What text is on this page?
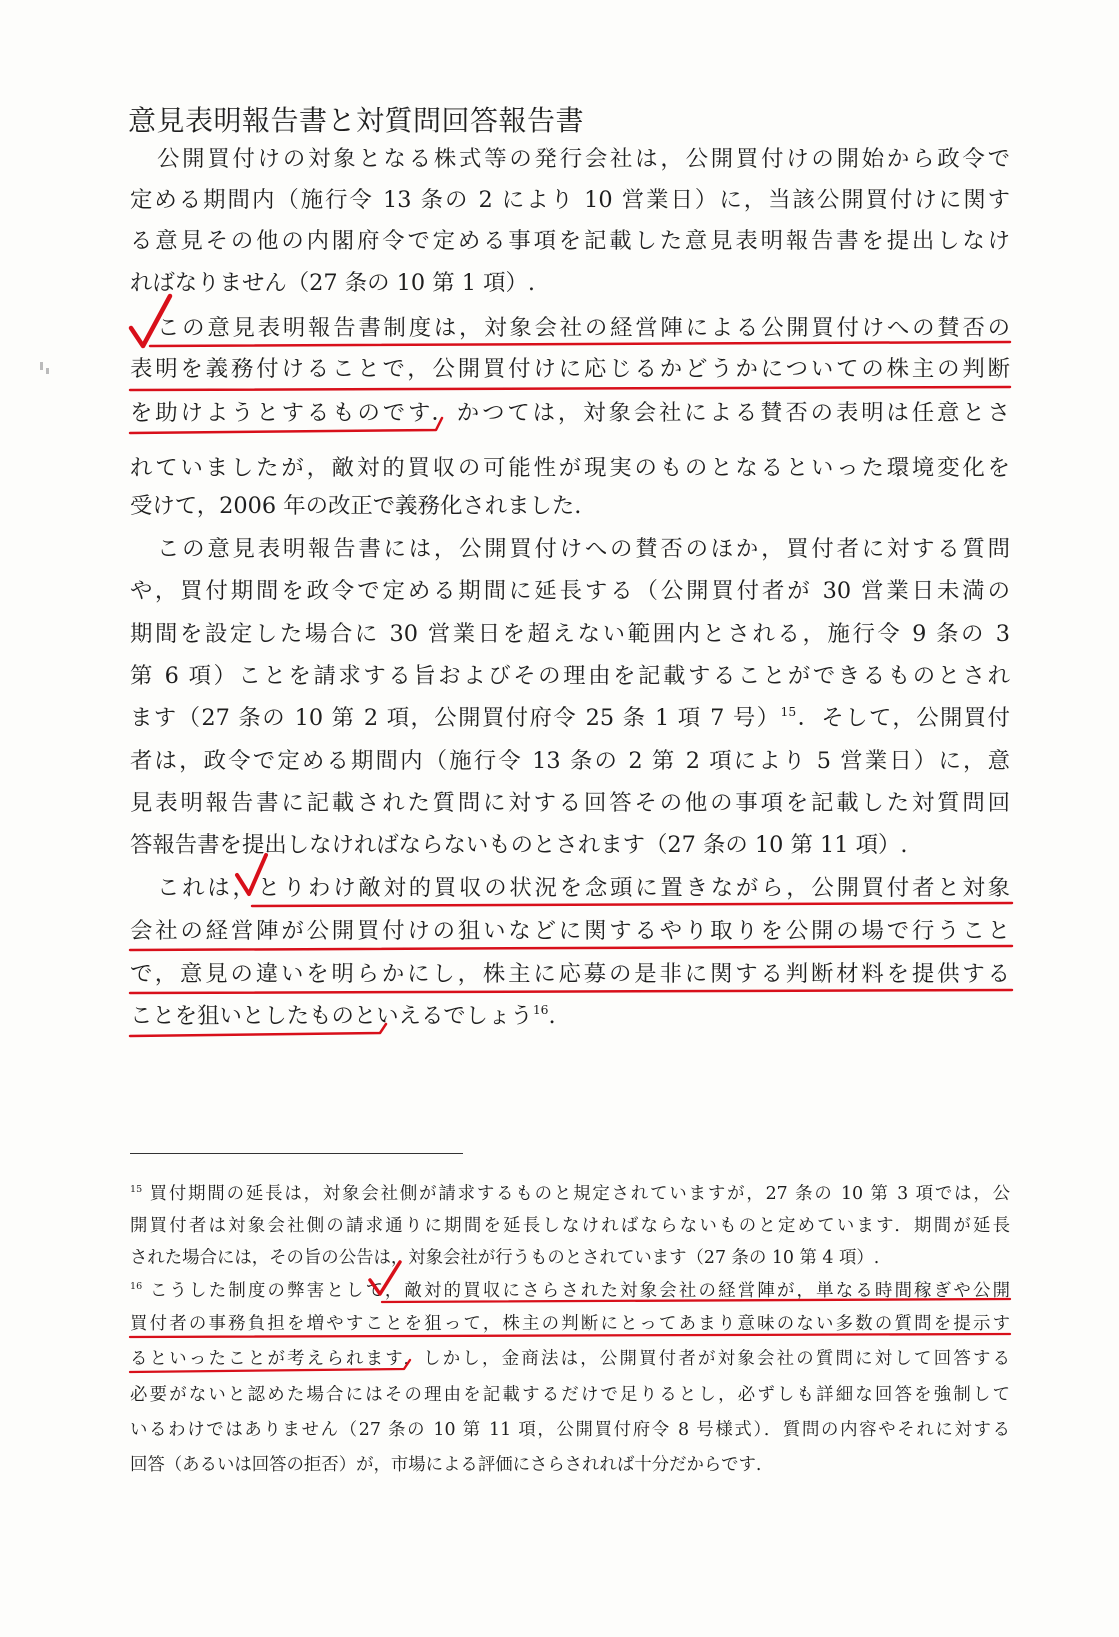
意見表明報告書と対質問回答報告書
公開買付けの対象となる株式等の発行会社は，公開買付けの開始から政令で
定める期間内（施行令 13 条の 2 により 10 営業日）に，当該公開買付けに関す
る意見その他の内閣府令で定める事項を記載した意見表明報告書を提出しなけ
ればなりません（27 条の 10 第 1 項）.
この意見表明報告書制度は，対象会社の経営陣による公開買付けへの賛否の
表明を義務付けることで，公開買付けに応じるかどうかについての株主の判断
を助けようとするものです．かつては，対象会社による賛否の表明は任意とさ
れていましたが，敵対的買収の可能性が現実のものとなるといった環境変化を
受けて，2006 年の改正で義務化されました.
この意見表明報告書には，公開買付けへの賛否のほか，買付者に対する質問
や，買付期間を政令で定める期間に延長する（公開買付者が 30 営業日未満の
期間を設定した場合に 30 営業日を超えない範囲内とされる，施行令 9 条の 3
第 6 項）ことを請求する旨およびその理由を記載することができるものとされ
ます（27 条の 10 第 2 項，公開買付府令 25 条 1 項 7 号）$^{15}$．そして，公開買付
者は，政令で定める期間内（施行令 13 条の 2 第 2 項により 5 営業日）に，意
見表明報告書に記載された質問に対する回答その他の事項を記載した対質問回
答報告書を提出しなければならないものとされます（27 条の 10 第 11 項）.
これは，とりわけ敵対的買収の状況を念頭に置きながら，公開買付者と対象
会社の経営陣が公開買付けの狙いなどに関するやり取りを公開の場で行うこと
で，意見の違いを明らかにし，株主に応募の是非に関する判断材料を提供する
ことを狙いとしたものといえるでしょう$^{16}$.
$^{15}$ 買付期間の延長は，対象会社側が請求するものと規定されていますが，27 条の 10 第 3 項では，公
開買付者は対象会社側の請求通りに期間を延長しなければならないものと定めています．期間が延長
された場合には，その旨の公告は，対象会社が行うものとされています（27 条の 10 第 4 項）.
$^{16}$ こうした制度の弊害として，敵対的買収にさらされた対象会社の経営陣が，単なる時間稼ぎや公開
買付者の事務負担を増やすことを狙って，株主の判断にとってあまり意味のない多数の質問を提示す
るといったことが考えられます．しかし，金商法は，公開買付者が対象会社の質問に対して回答する
必要がないと認めた場合にはその理由を記載するだけで足りるとし，必ずしも詳細な回答を強制して
いるわけではありません（27 条の 10 第 11 項，公開買付府令 8 号様式）．質問の内容やそれに対する
回答（あるいは回答の拒否）が，市場による評価にさらされれば十分だからです.
